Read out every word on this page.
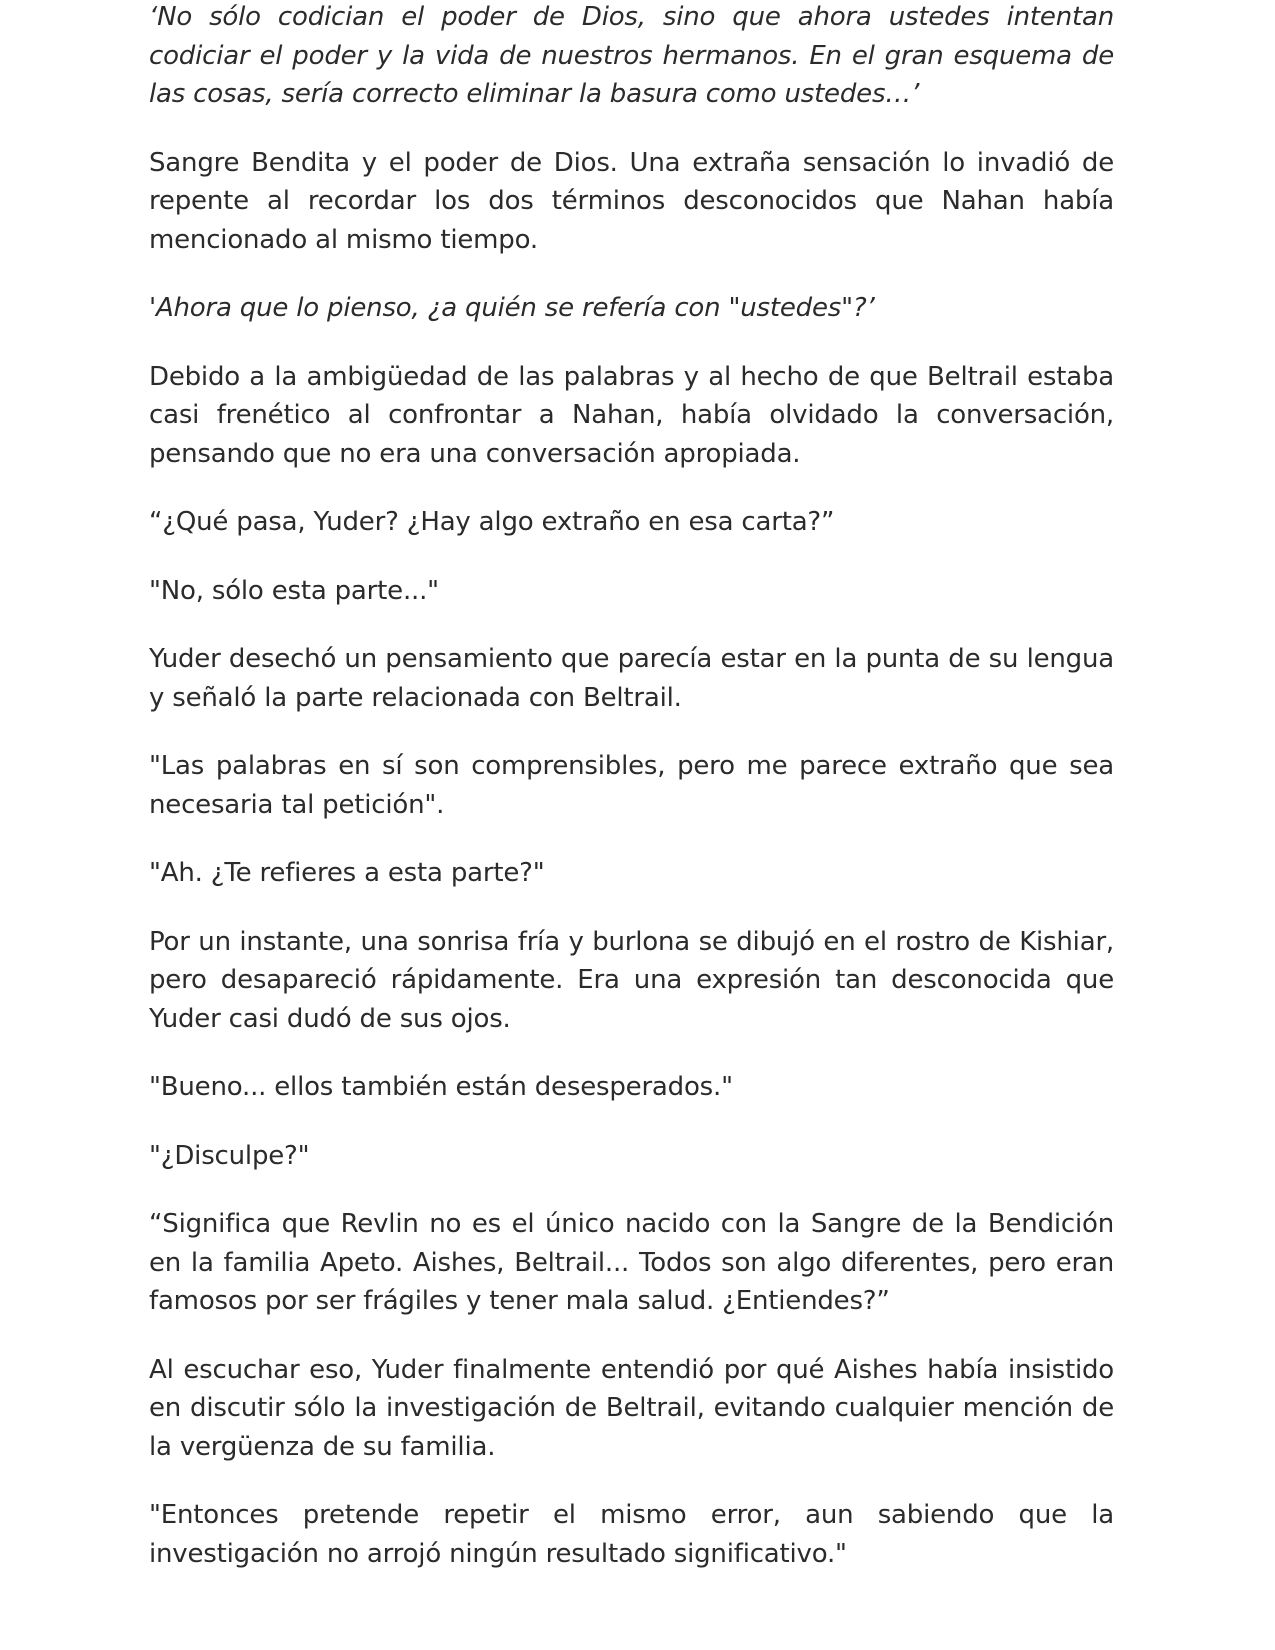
‘No sólo codician el poder de Dios, sino que ahora ustedes intentan codiciar el poder y la vida de nuestros hermanos. En el gran esquema de las cosas, sería correcto eliminar la basura como ustedes…’

Sangre Bendita y el poder de Dios. Una extraña sensación lo invadió de repente al recordar los dos términos desconocidos que Nahan había mencionado al mismo tiempo.

'Ahora que lo pienso, ¿a quién se refería con "ustedes"?’

Debido a la ambigüedad de las palabras y al hecho de que Beltrail estaba casi frenético al confrontar a Nahan, había olvidado la conversación, pensando que no era una conversación apropiada.

“¿Qué pasa, Yuder? ¿Hay algo extraño en esa carta?”

"No, sólo esta parte..."

Yuder desechó un pensamiento que parecía estar en la punta de su lengua y señaló la parte relacionada con Beltrail.

"Las palabras en sí son comprensibles, pero me parece extraño que sea necesaria tal petición".

"Ah. ¿Te refieres a esta parte?"

Por un instante, una sonrisa fría y burlona se dibujó en el rostro de Kishiar, pero desapareció rápidamente. Era una expresión tan desconocida que Yuder casi dudó de sus ojos.

"Bueno... ellos también están desesperados."

"¿Disculpe?"

“Significa que Revlin no es el único nacido con la Sangre de la Bendición en la familia Apeto. Aishes, Beltrail... Todos son algo diferentes, pero eran famosos por ser frágiles y tener mala salud. ¿Entiendes?”

Al escuchar eso, Yuder finalmente entendió por qué Aishes había insistido en discutir sólo la investigación de Beltrail, evitando cualquier mención de la vergüenza de su familia.

"Entonces pretende repetir el mismo error, aun sabiendo que la investigación no arrojó ningún resultado significativo."
